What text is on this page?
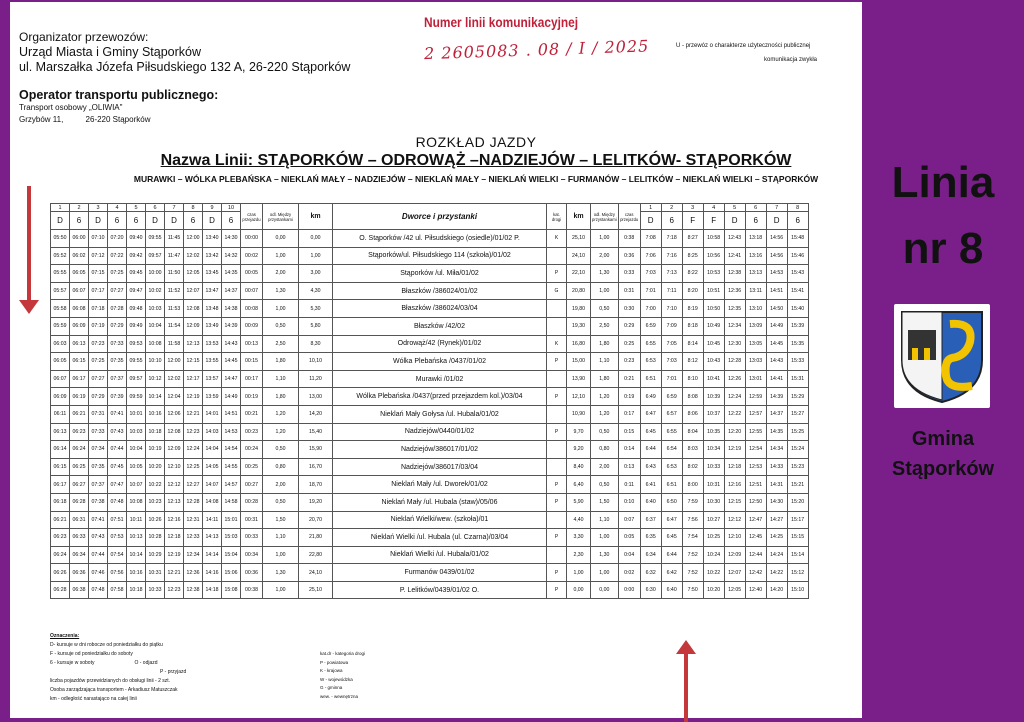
Organizator przewozów:
Urząd Miasta i Gminy Stąporków
ul. Marszałka Józefa Piłsudskiego 132 A, 26-220 Stąporków
Operator transportu publicznego:
Transport osobowy „OLIWIA"
Grzybów 11,          26-220 Stąporków
Numer linii komunikacyjnej
2 2605083 . 08 / I / 2025	U - przewóz o charakterze użyteczności publicznej
komunikacja zwykła
ROZKŁAD JAZDY
Nazwa Linii: STĄPORKÓW – ODROWĄŻ –NADZIEJÓW – LELITKÓW- STĄPORKÓW
MURAWKI – WÓLKA PLEBAŃSKA – NIEKLAŃ MAŁY – NADZIEJÓW – NIEKLAŃ MAŁY – NIEKLAŃ WIELKI – FURMANÓW – LELITKÓW – NIEKLAŃ WIELKI – STĄPORKÓW
1	2	3	4	5	6	7	8	9	10	czas przejazdu	odl. Między przystankami	km	Dworce i przystanki	kat. drogi	km	odl. Między przystankami	czas przejazdu	1	2	3	4	5	6	7	8
D	6	D	6	6	D	D	6	D	6									D	6	F	F	D	6	D	6
05:50	06:00	07:10	07:20	09:40	09:55	11:45	12:00	13:40	14:30	00:00	0,00	0,00	O. Stąporków /42 ul. Piłsudskiego (osiedle)/01/02 P.	K	25,10	1,00	0:38	7:08	7:18	8:27	10:58	12:43	13:18	14:56	15:48
05:52	06:02	07:12	07:22	09:42	09:57	11:47	12:02	13:42	14:32	00:02	1,00	1,00	Stąporków/ul. Piłsudskiego 114 (szkoła)/01/02		24,10	2,00	0:36	7:06	7:16	8:25	10:56	12:41	13:16	14:56	15:46
05:55	06:05	07:15	07:25	09:45	10:00	11:50	12:05	13:45	14:35	00:05	2,00	3,00	Stąporków /ul. Miła/01/02	P	22,10	1,30	0:33	7:03	7:13	8:22	10:53	12:38	13:13	14:53	15:43
05:57	06:07	07:17	07:27	09:47	10:02	11:52	12:07	13:47	14:37	00:07	1,30	4,30	Błaszków /386024/01/02	G	20,80	1,00	0:31	7:01	7:11	8:20	10:51	12:36	13:11	14:51	15:41
05:58	06:08	07:18	07:28	09:48	10:03	11:53	12:08	13:48	14:38	00:08	1,00	5,30	Błaszków /386024/03/04		19,80	0,50	0:30	7:00	7:10	8:19	10:50	12:35	13:10	14:50	15:40
05:59	06:09	07:19	07:29	09:49	10:04	11:54	12:09	13:49	14:39	00:09	0,50	5,80	Błaszków /42/02		19,30	2,50	0:29	6:59	7:09	8:18	10:49	12:34	13:09	14:49	15:39
06:03	06:13	07:23	07:33	09:53	10:08	11:58	12:13	13:53	14:43	00:13	2,50	8,30	Odrowąż/42 (Rynek)/01/02	K	16,80	1,80	0:25	6:55	7:05	8:14	10:45	12:30	13:05	14:45	15:35
06:05	06:15	07:25	07:35	09:55	10:10	12:00	12:15	13:55	14:45	00:15	1,80	10,10	Wólka Plebańska /0437/01/02	P	15,00	1,10	0:23	6:53	7:03	8:12	10:43	12:28	13:03	14:43	15:33
06:07	06:17	07:27	07:37	09:57	10:12	12:02	12:17	13:57	14:47	00:17	1,10	11,20	Murawki /01/02		13,90	1,80	0:21	6:51	7:01	8:10	10:41	12:26	13:01	14:41	15:31
06:09	06:19	07:29	07:39	09:59	10:14	12:04	12:19	13:59	14:49	00:19	1,80	13,00	Wólka Plebańska /0437(przed przejazdem kol.)/03/04	P	12,10	1,20	0:19	6:49	6:59	8:08	10:39	12:24	12:59	14:39	15:29
06:11	06:21	07:31	07:41	10:01	10:16	12:06	12:21	14:01	14:51	00:21	1,20	14,20	Nieklań Mały Gołysa /ul. Hubala/01/02		10,90	1,20	0:17	6:47	6:57	8:06	10:37	12:22	12:57	14:37	15:27
06:13	06:23	07:33	07:43	10:03	10:18	12:08	12:23	14:03	14:53	00:23	1,20	15,40	Nadziejów/0440/01/02	P	9,70	0,50	0:15	6:45	6:55	8:04	10:35	12:20	12:55	14:35	15:25
06:14	06:24	07:34	07:44	10:04	10:19	12:09	12:24	14:04	14:54	00:24	0,50	15,90	Nadziejów/386017/01/02		9,20	0,80	0:14	6:44	6:54	8:03	10:34	12:19	12:54	14:34	15:24
06:15	06:25	07:35	07:45	10:05	10:20	12:10	12:25	14:05	14:55	00:25	0,80	16,70	Nadziejów/386017/03/04		8,40	2,00	0:13	6:43	6:53	8:02	10:33	12:18	12:53	14:33	15:23
06:17	06:27	07:37	07:47	10:07	10:22	12:12	12:27	14:07	14:57	00:27	2,00	18,70	Nieklań Mały /ul. Dworek/01/02	P	6,40	0,50	0:11	6:41	6:51	8:00	10:31	12:16	12:51	14:31	15:21
06:18	06:28	07:38	07:48	10:08	10:23	12:13	12:28	14:08	14:58	00:28	0,50	19,20	Nieklań Mały /ul. Hubala (staw)/05/06	P	5,90	1,50	0:10	6:40	6:50	7:59	10:30	12:15	12:50	14:30	15:20
06:21	06:31	07:41	07:51	10:11	10:26	12:16	12:31	14:11	15:01	00:31	1,50	20,70	Nieklań Wielki/wew. (szkoła)/01		4,40	1,10	0:07	6:37	6:47	7:56	10:27	12:12	12:47	14:27	15:17
06:23	06:33	07:43	07:53	10:13	10:28	12:18	12:33	14:13	15:03	00:33	1,10	21,80	Nieklań Wielki /ul. Hubala (ul. Czarna)/03/04	P	3,30	1,00	0:05	6:35	6:45	7:54	10:25	12:10	12:45	14:25	15:15
06:24	06:34	07:44	07:54	10:14	10:29	12:19	12:34	14:14	15:04	00:34	1,00	22,80	Nieklań Wielki /ul. Hubala/01/02		2,30	1,30	0:04	6:34	6:44	7:52	10:24	12:09	12:44	14:24	15:14
06:26	06:36	07:46	07:56	10:16	10:31	12:21	12:36	14:16	15:06	00:36	1,30	24,10	Furmanów 0439/01/02	P	1,00	1,00	0:02	6:32	6:42	7:52	10:22	12:07	12:42	14:22	15:12
06:28	06:38	07:48	07:58	10:18	10:33	12:23	12:38	14:18	15:08	00:38	1,00	25,10	P. Lelitków/0439/01/02 O.	P	0,00	0,00	0:00	6:30	6:40	7:50	10:20	12:05	12:40	14:20	15:10
Oznaczenia:
D- kursuje w dni robocze od poniedziałku do piątku
F - kursuje od poniedziałku do soboty
6 - kursuje w soboty	O - odjazd
P - przyjazd
liczba pojazdów przewidzianych do obsługi linii - 2 szt.
Osoba zarządzająca transportem - Arkadiusz Matuszczak
km - odległość narastająco na całej linii
kat.dr - kategoria drogi
P - powiatowa
K - krajowa
W - wojewódzka
G - gminna
wew. - wewnętrzna
Linia
nr 8
Gmina
Stąporków
